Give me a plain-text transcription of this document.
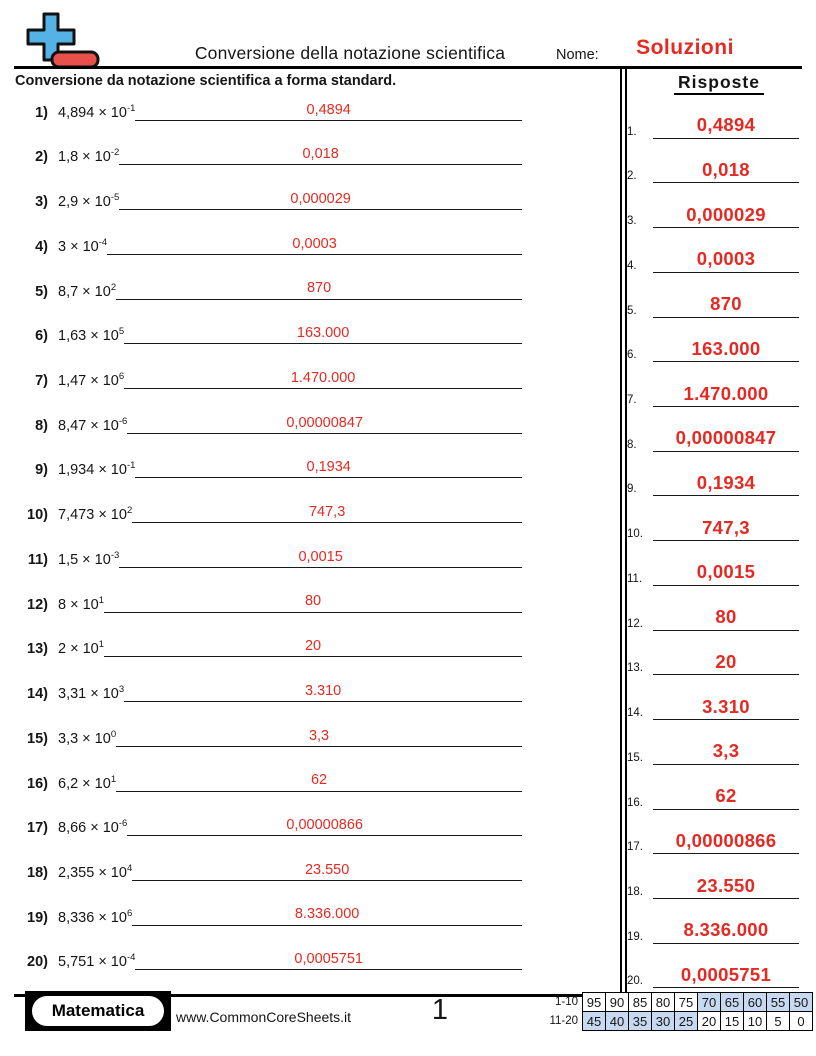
Conversione della notazione scientifica	Nome:	Soluzioni
Conversione da notazione scientifica a forma standard.
1) $4,894 \times 10^{-1}$	0,4894
2) $1,8 \times 10^{-2}$	0,018
3) $2,9 \times 10^{-5}$	0,000029
4) $3 \times 10^{-4}$	0,0003
5) $8,7 \times 10^2$	870
6) $1,63 \times 10^5$	163.000
7) $1,47 \times 10^6$	1.470.000
8) $8,47 \times 10^{-6}$	0,00000847
9) $1,934 \times 10^{-1}$	0,1934
10) $7,473 \times 10^2$	747,3
11) $1,5 \times 10^{-3}$	0,0015
12) $8 \times 10^1$	80
13) $2 \times 10^1$	20
14) $3,31 \times 10^3$	3.310
15) $3,3 \times 10^0$	3,3
16) $6,2 \times 10^1$	62
17) $8,66 \times 10^{-6}$	0,00000866
18) $2,355 \times 10^4$	23.550
19) $8,336 \times 10^6$	8.336.000
20) $5,751 \times 10^{-4}$	0,0005751
Risposte
1.	0,4894
2.	0,018
3.	0,000029
4.	0,0003
5.	870
6.	163.000
7.	1.470.000
8.	0,00000847
9.	0,1934
10.	747,3
11.	0,0015
12.	80
13.	20
14.	3.310
15.	3,3
16.	62
17.	0,00000866
18.	23.550
19.	8.336.000
20.	0,0005751
Matematica	www.CommonCoreSheets.it	1	1-10 95 90 85 80 75 70 65 60 55 50
11-20 45 40 35 30 25 20 15 10 5	0
